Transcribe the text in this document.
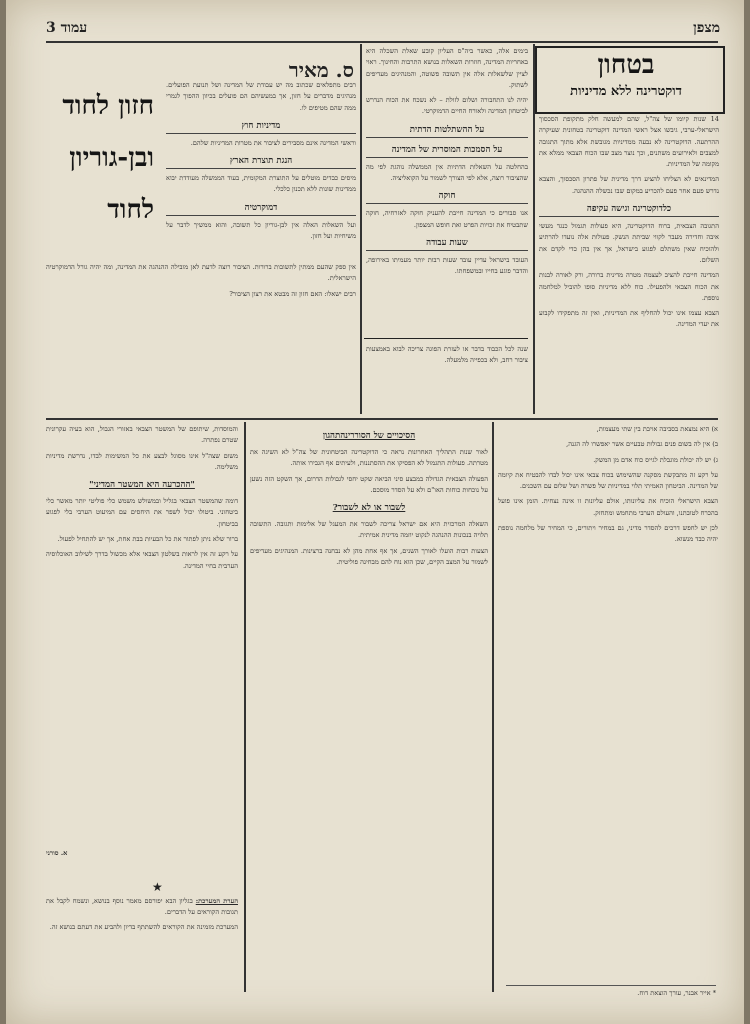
מצפן
עמוד 3
בטחון
דוקטרינה ללא מדיניות

14 שנות קיומו של צה"ל, שהם למעשה חלק מתקופת הסכסוך הישראלי-ערבי, גיבשו אצל ראשי המדינה דוקטרינה בטחונית שעיקרה ההרתעה. הדוקטרינה לא נבעה ממדיניות מגובשת אלא מתוך התגובה למצבים ולאירועים משתנים, וכך נוצר מצב שבו הכוח הצבאי ממלא את מקומה של המדיניות.

המדינאים לא הצליחו להציע דרך מדינית של פתרון הסכסוך, והצבא נדרש פעם אחר פעם להכריע במקום שבו נכשלה ההנהגה.

כלדוקטרינה וגישה עקיפה

התגובה הצבאית, ברוח הדוקטרינה, היא פעולות תגמול כנגד מעשי איבה וחדירה מעבר לקווי שביתת הנשק. פעולות אלה נועדו להרתיע ולהוכיח שאין משתלם לפגוע בישראל, אך אין בהן כדי לקדם את השלום.

המדינה חייבת להציב לעצמה מטרה מדינית ברורה, ורק לאורה לבנות את הכוח הצבאי ולהפעילו. כוח ללא מדיניות סופו להוביל למלחמה נוספת.

הצבא עצמו אינו יכול להחליף את המדיניות, ואין זה מתפקידו לקבוע את יעדי המדינה.

בימים אלה, כאשר ביה"ס העליון קובע שאלת השכלה היא באחריות המדינה, חוזרות השאלות בנושא התרבות והחינוך. ראוי לציין שלשאלות אלה אין תשובה פשוטה, והמנהיגים מעדיפים לשתוק.

יהיה לנו התחבורה ושלום לזולת – לא נשכח את הכוח הנדרש לביטחון המדינה ולאורח החיים הדמוקרטי.

על ההשתלטות הדתית
על הסמכות המוסרית של המדינה

בהחלטה על השאלות הדתיות אין הממשלה נוהגת לפי מה שהציבור רוצה, אלא לפי הצורך לשמור על הקואליציה.

חוקה

אנו סבורים כי המדינה חייבת להעניק חוקה לאזרחיה, חוקה שתבטיח את זכויות הפרט ואת חופש המצפון.

שעות עבודה

העובד בישראל עדיין עובד שעות רבות יותר מעמיתו באירופה, והדבר פוגע בחייו ובמשפחתו.

שנה לכל הכבוד בדבר או לעזרת הפוגה צריכה לבוא באמצעות ציבור רחב, ולא בכפייה מלמעלה.

ס. מאיר
חזון לחוד
ובן-גוריון
לחוד

רבים מתפלאים שכתוב מה יש עבודת של המדינה ושל תנועת הפועלים. מנהיגים מדברים על חזון, אך במעשיהם הם פועלים בכיוון ההפוך לגמרי ממה שהם מטיפים לו.

מדיניות חוץ

וראשי המדינה אינם מסבירים לציבור את מטרות המדיניות שלהם.

הנגת תוצרת הארץ

מיסים כבדים מוטלים על התוצרת המקומית, בעוד הממשלה מעודדת יבוא ממדינות שונות ללא תכנון כלכלי.

דמוקרטיה

ועל השאלות האלה אין לבן-גוריון כל תשובה, והוא ממשיך לדבר על משיחיות ועל חזון.

אין ספק שהעם ממתין לתשובות ברורות. הציבור רוצה לדעת לאן מובילה ההנהגה את המדינה, ומה יהיה גורל הדמוקרטיה הישראלית.

רבים ישאלו: האם חזון זה מבטא את רצון הציבור?

א) היא נמצאת בסביבה אויבת בין שתי מעצמות,

ב) אין לה בשום פנים גבולות טבעיים אשר יאפשרו לה הגנה,

ג) יש לה יכולת מוגבלת לגייס כוח אדם מן המשק.

על רקע זה מתבקשת מסקנה שהשימוש בכוח צבאי אינו יכול לבדו להבטיח את קיומה של המדינה. הביטחון האמיתי תלוי במדיניות של פשרה ושל שלום עם השכנים.

הצבא הישראלי הוכיח את עליונותו, אולם עליונות זו אינה נצחית. הזמן אינו פועל בהכרח לטובתנו, והעולם הערבי מתחמש ומתחזק.

לכן יש לחפש דרכים להסדר מדיני, גם במחיר ויתורים, כי המחיר של מלחמה נוספת יהיה כבד מנשוא.

* אייר אבנר, עורך הוצאת דוח.
הסיכויים של הסוררינהתהגון

לאור שנות התהליך האחרונות נראה כי הדוקטרינה הביטחונית של צה"ל לא השיגה את מטרתה. פעולות התגמול לא הפסיקו את ההסתננות, ולעיתים אף הגבירו אותה.

הפעולה הצבאית הגדולה במבצע סיני הביאה שקט יחסי לגבולות הדרום, אך השקט הזה נשען על נוכחות כוחות האו"ם ולא על הסדר מוסכם.

לשבור או לא לשבור?

השאלה המרכזית היא אם ישראל צריכה לשבור את המעגל של אלימות ותגובה. התשובה תלויה בנכונות ההנהגה לנקוט יוזמה מדינית אמיתית.

הצעות רבות הועלו לאורך השנים, אך אף אחת מהן לא נבחנה ברצינות. המנהיגים מעדיפים לשמור על המצב הקיים, שכן הוא נוח להם מבחינה פוליטית.

והמוסדות, שיתופם של המשטר הצבאי באזורי הגבול, הוא בעיה עקרונית שטרם נפתרה.

משום שצה"ל אינו מסוגל לבצע את כל המשימות לבדו, נדרשת מדיניות משלימה.

"ההכרעה היא המשטר המדיני"

דומה שהמשטר הצבאי בגליל ובמשולש משמש כלי פוליטי יותר מאשר כלי ביטחוני. ביטולו יכול לשפר את היחסים עם המיעוט הערבי בלי לפגוע בביטחון.

ברור שלא ניתן לפתור את כל הבעיות בבת אחת, אך יש להתחיל לפעול.

על רקע זה אין לראות בשלטון הצבאי אלא מכשול בדרך לשילוב האוכלוסיה הערבית בחיי המדינה.

א. סורני
★
הערת המערכת: בגליון הבא יפורסם מאמר נוסף בנושא, ונשמח לקבל את תגובות הקוראים על הדברים.
המערכת מזמינה את הקוראים להשתתף בדיון ולהביע את דעתם בנושא זה.
